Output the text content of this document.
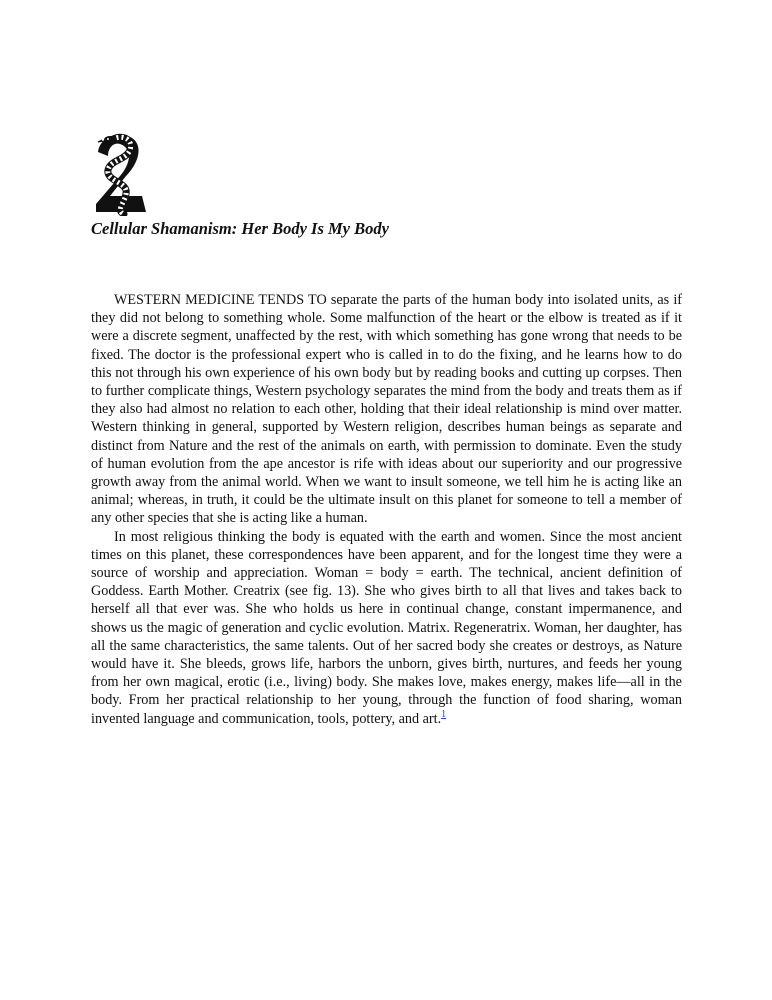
Cellular Shamanism: Her Body Is My Body

WESTERN MEDICINE TENDS TO separate the parts of the human body into isolated units, as if they did not belong to something whole. Some malfunction of the heart or the elbow is treated as if it were a discrete segment, unaffected by the rest, with which something has gone wrong that needs to be fixed. The doctor is the professional expert who is called in to do the fixing, and he learns how to do this not through his own experience of his own body but by reading books and cutting up corpses. Then to further complicate things, Western psychology separates the mind from the body and treats them as if they also had almost no relation to each other, holding that their ideal relationship is mind over matter. Western thinking in general, supported by Western religion, describes human beings as separate and distinct from Nature and the rest of the animals on earth, with permission to dominate. Even the study of human evolution from the ape ancestor is rife with ideas about our superiority and our progressive growth away from the animal world. When we want to insult someone, we tell him he is acting like an animal; whereas, in truth, it could be the ultimate insult on this planet for someone to tell a member of any other species that she is acting like a human.

In most religious thinking the body is equated with the earth and women. Since the most ancient times on this planet, these correspondences have been apparent, and for the longest time they were a source of worship and appreciation. Woman = body = earth. The technical, ancient definition of Goddess. Earth Mother. Creatrix (see fig. 13). She who gives birth to all that lives and takes back to herself all that ever was. She who holds us here in continual change, constant impermanence, and shows us the magic of generation and cyclic evolution. Matrix. Regeneratrix. Woman, her daughter, has all the same characteristics, the same talents. Out of her sacred body she creates or destroys, as Nature would have it. She bleeds, grows life, harbors the unborn, gives birth, nurtures, and feeds her young from her own magical, erotic (i.e., living) body. She makes love, makes energy, makes life—all in the body. From her practical relationship to her young, through the function of food sharing, woman invented language and communication, tools, pottery, and art.$^1$
